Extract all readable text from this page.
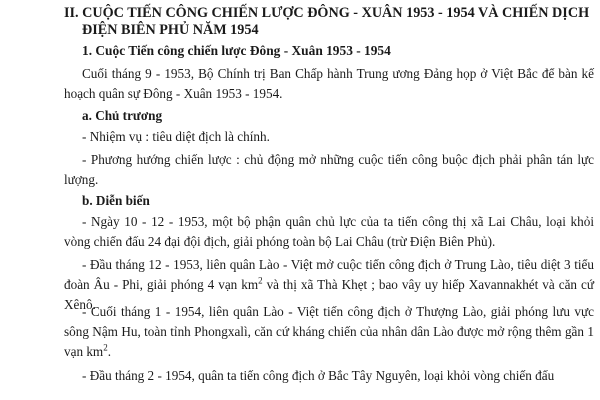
II. CUỘC TIẾN CÔNG CHIẾN LƯỢC ĐÔNG - XUÂN 1953 - 1954 VÀ CHIẾN DỊCH
ĐIỆN BIÊN PHỦ NĂM 1954
1. Cuộc Tiến công chiến lược Đông - Xuân 1953 - 1954

Cuối tháng 9 - 1953, Bộ Chính trị Ban Chấp hành Trung ương Đảng họp ở Việt Bắc để bàn kế hoạch quân sự Đông - Xuân 1953 - 1954.

a. Chủ trương

- Nhiệm vụ : tiêu diệt địch là chính.

- Phương hướng chiến lược : chủ động mở những cuộc tiến công buộc địch phải phân tán lực lượng.

b. Diễn biến

- Ngày 10 - 12 - 1953, một bộ phận quân chủ lực của ta tiến công thị xã Lai Châu, loại khỏi vòng chiến đấu 24 đại đội địch, giải phóng toàn bộ Lai Châu (trừ Điện Biên Phủ).

- Đầu tháng 12 - 1953, liên quân Lào - Việt mở cuộc tiến công địch ở Trung Lào, tiêu diệt 3 tiểu đoàn Âu - Phi, giải phóng 4 vạn $km^2$ và thị xã Thà Khẹt ; bao vây uy hiếp Xavannakhét và căn cứ Xênô.

- Cuối tháng 1 - 1954, liên quân Lào - Việt tiến công địch ở Thượng Lào, giải phóng lưu vực sông Nậm Hu, toàn tỉnh Phongxalì, căn cứ kháng chiến của nhân dân Lào được mở rộng thêm gần 1 vạn $km^2$.

- Đầu tháng 2 - 1954, quân ta tiến công địch ở Bắc Tây Nguyên, loại khỏi vòng chiến đấu
